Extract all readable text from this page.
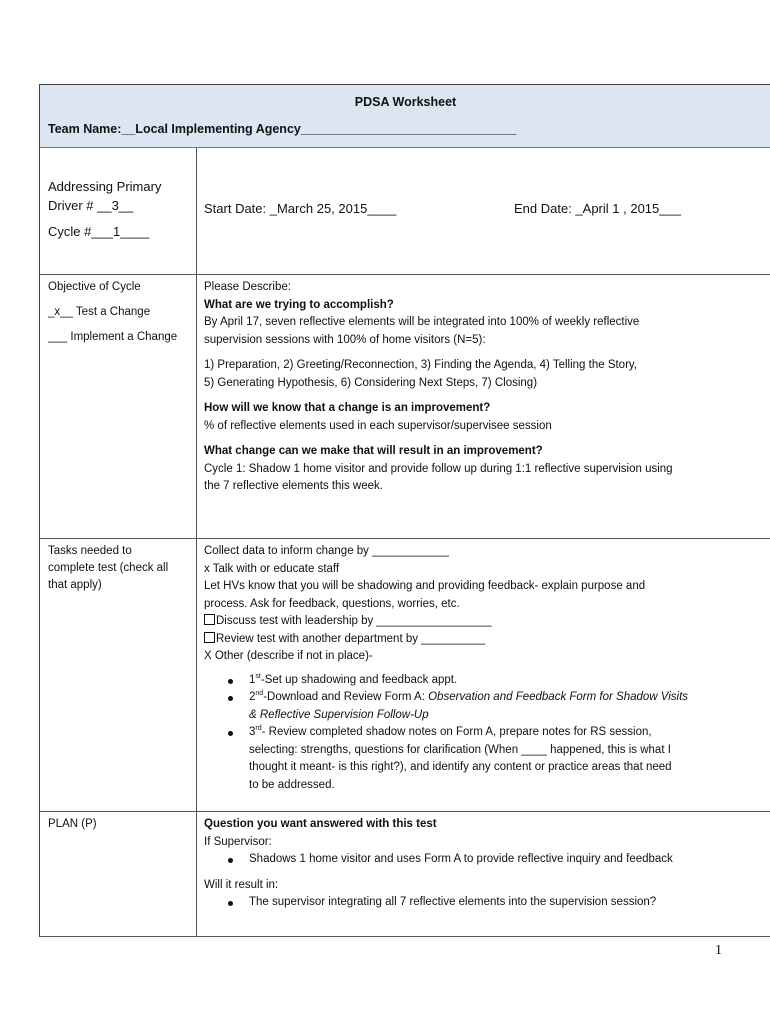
PDSA Worksheet
Team Name:__Local Implementing Agency_______________________________
Addressing Primary
Driver # __3__
Cycle #___1____
Start Date: _March 25, 2015____	End Date: _April 1 , 2015___
Objective of Cycle
_x__ Test a Change
___ Implement a Change
Please Describe:
What are we trying to accomplish?
By April 17, seven reflective elements will be integrated into 100% of weekly reflective
supervision sessions with 100% of home visitors (N=5):
1) Preparation, 2) Greeting/Reconnection, 3) Finding the Agenda, 4) Telling the Story,
5) Generating Hypothesis, 6) Considering Next Steps, 7) Closing)
How will we know that a change is an improvement?
% of reflective elements used in each supervisor/supervisee session
What change can we make that will result in an improvement?
Cycle 1: Shadow 1 home visitor and provide follow up during 1:1 reflective supervision using
the 7 reflective elements this week.
Tasks needed to
complete test (check all
that apply)
Collect data to inform change by ____________
x Talk with or educate staff
Let HVs know that you will be shadowing and providing feedback- explain purpose and
process. Ask for feedback, questions, worries, etc.
Discuss test with leadership by __________________
Review test with another department by __________
X Other (describe if not in place)-
1st-Set up shadowing and feedback appt.
2nd-Download and Review Form A: Observation and Feedback Form for Shadow Visits
& Reflective Supervision Follow-Up
3rd- Review completed shadow notes on Form A, prepare notes for RS session,
selecting: strengths, questions for clarification (When ____ happened, this is what I
thought it meant- is this right?), and identify any content or practice areas that need
to be addressed.
PLAN (P)	Question you want answered with this test
If Supervisor:
Shadows 1 home visitor and uses Form A to provide reflective inquiry and feedback
Will it result in:
The supervisor integrating all 7 reflective elements into the supervision session?
1
